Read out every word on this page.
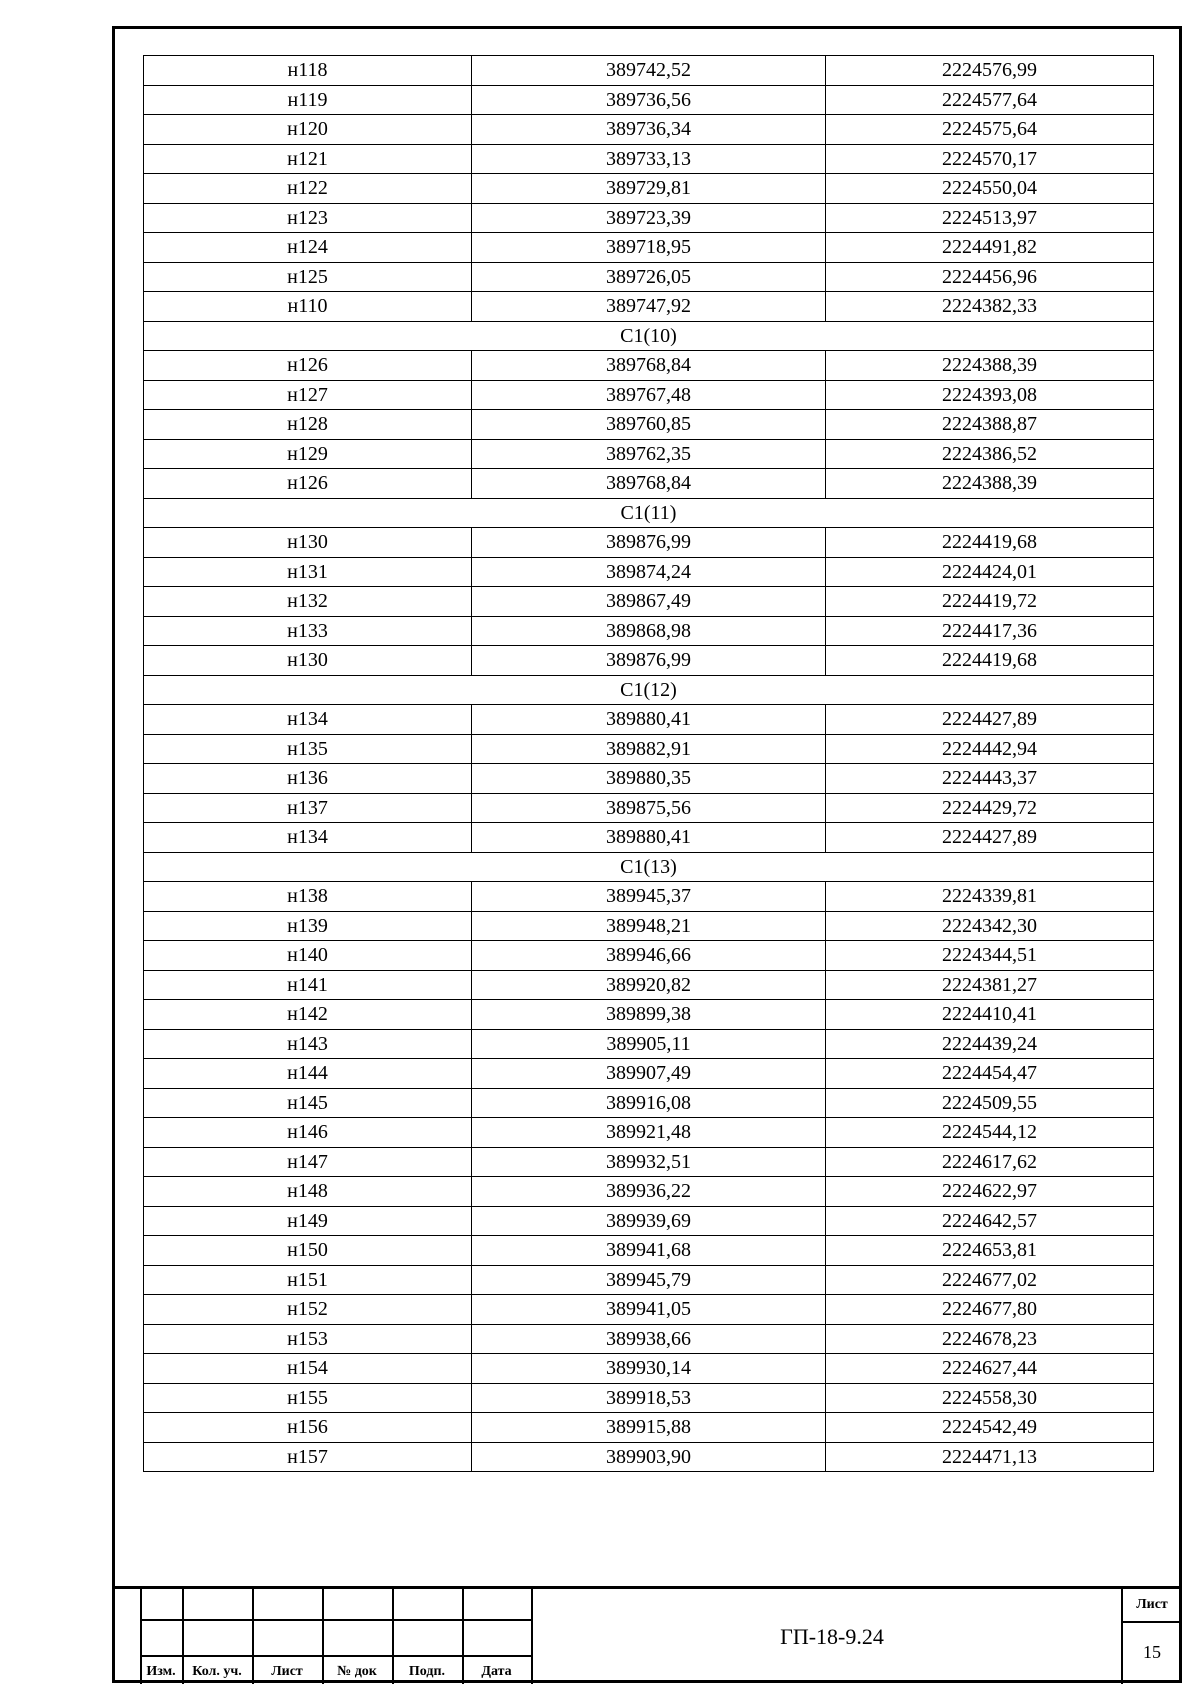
н118	389742,52	2224576,99
н119	389736,56	2224577,64
н120	389736,34	2224575,64
н121	389733,13	2224570,17
н122	389729,81	2224550,04
н123	389723,39	2224513,97
н124	389718,95	2224491,82
н125	389726,05	2224456,96
н110	389747,92	2224382,33
С1(10)		
н126	389768,84	2224388,39
н127	389767,48	2224393,08
н128	389760,85	2224388,87
н129	389762,35	2224386,52
н126	389768,84	2224388,39
С1(11)		
н130	389876,99	2224419,68
н131	389874,24	2224424,01
н132	389867,49	2224419,72
н133	389868,98	2224417,36
н130	389876,99	2224419,68
С1(12)		
н134	389880,41	2224427,89
н135	389882,91	2224442,94
н136	389880,35	2224443,37
н137	389875,56	2224429,72
н134	389880,41	2224427,89
С1(13)		
н138	389945,37	2224339,81
н139	389948,21	2224342,30
н140	389946,66	2224344,51
н141	389920,82	2224381,27
н142	389899,38	2224410,41
н143	389905,11	2224439,24
н144	389907,49	2224454,47
н145	389916,08	2224509,55
н146	389921,48	2224544,12
н147	389932,51	2224617,62
н148	389936,22	2224622,97
н149	389939,69	2224642,57
н150	389941,68	2224653,81
н151	389945,79	2224677,02
н152	389941,05	2224677,80
н153	389938,66	2224678,23
н154	389930,14	2224627,44
н155	389918,53	2224558,30
н156	389915,88	2224542,49
н157	389903,90	2224471,13
Изм.	Кол. уч.	Лист	№ док	Подп.	Дата
ГП-18-9.24
Лист
15
